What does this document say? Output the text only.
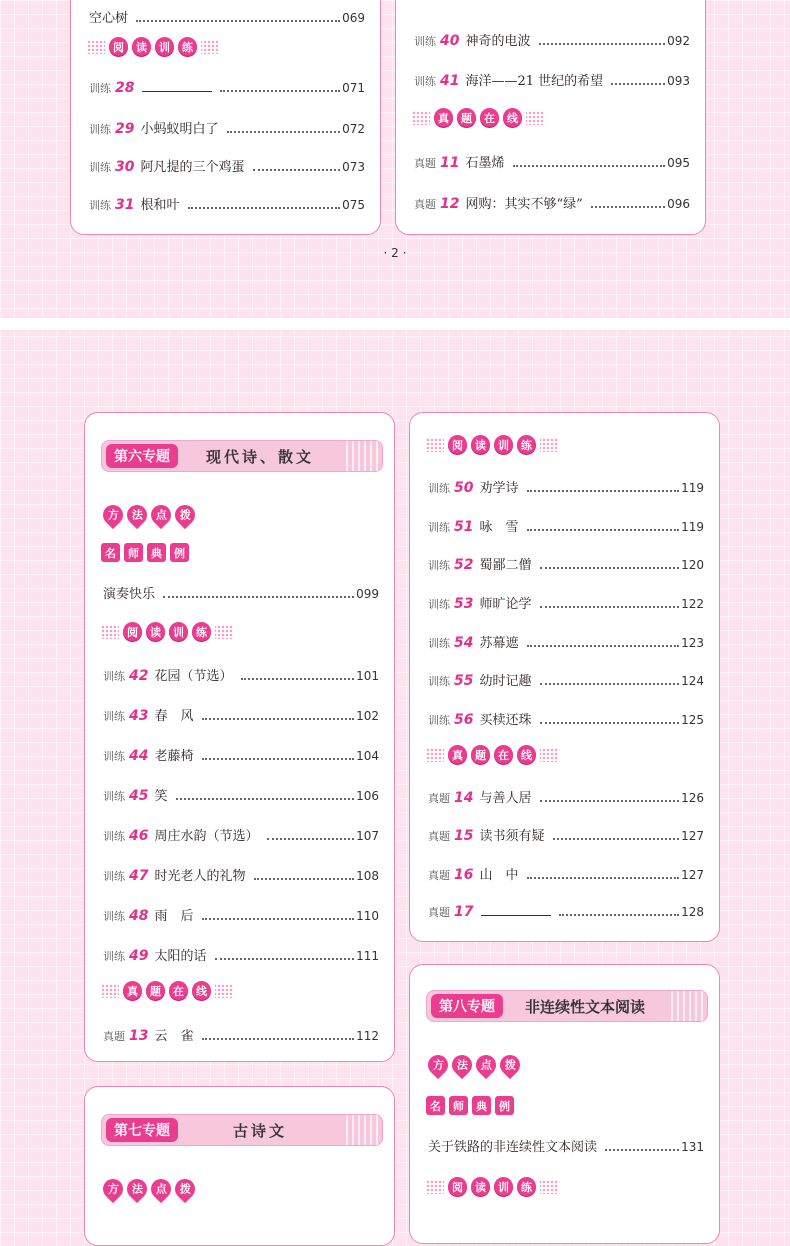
空心树	069
阅	读	训	练
训练 28	071
训练 29 小蚂蚁明白了	072
训练 30 阿凡提的三个鸡蛋	073
训练 31 根和叶	075
训练 40 神奇的电波	092
训练 41 海洋——21 世纪的希望	093
真	题	在	线
真题 11 石墨烯	095
真题 12 网购：其实不够“绿”	096
· 2 ·
第六专题	现代诗、散文
方 法 点 拨
名	师	典	例
演奏快乐	099
阅	读	训	练
训练 42 花园（节选）	101
训练 43 春　风	102
训练 44 老藤椅	104
训练 45 笑	106
训练 46 周庄水韵（节选）	107
训练 47 时光老人的礼物	108
训练 48 雨　后	110
训练 49 太阳的话	111
真	题	在	线
真题 13 云　雀	112
第七专题	古诗文
方 法 点 拨
阅	读	训	练
训练 50 劝学诗	119
训练 51 咏　雪	119
训练 52 蜀鄙二僧	120
训练 53 师旷论学	122
训练 54 苏幕遮	123
训练 55 幼时记趣	124
训练 56 买椟还珠	125
真	题	在	线
真题 14 与善人居	126
真题 15 读书须有疑	127
真题 16 山　中	127
真题 17	128
第八专题	非连续性文本阅读
方 法 点 拨
名	师	典	例
关于铁路的非连续性文本阅读	131
阅	读	训	练
